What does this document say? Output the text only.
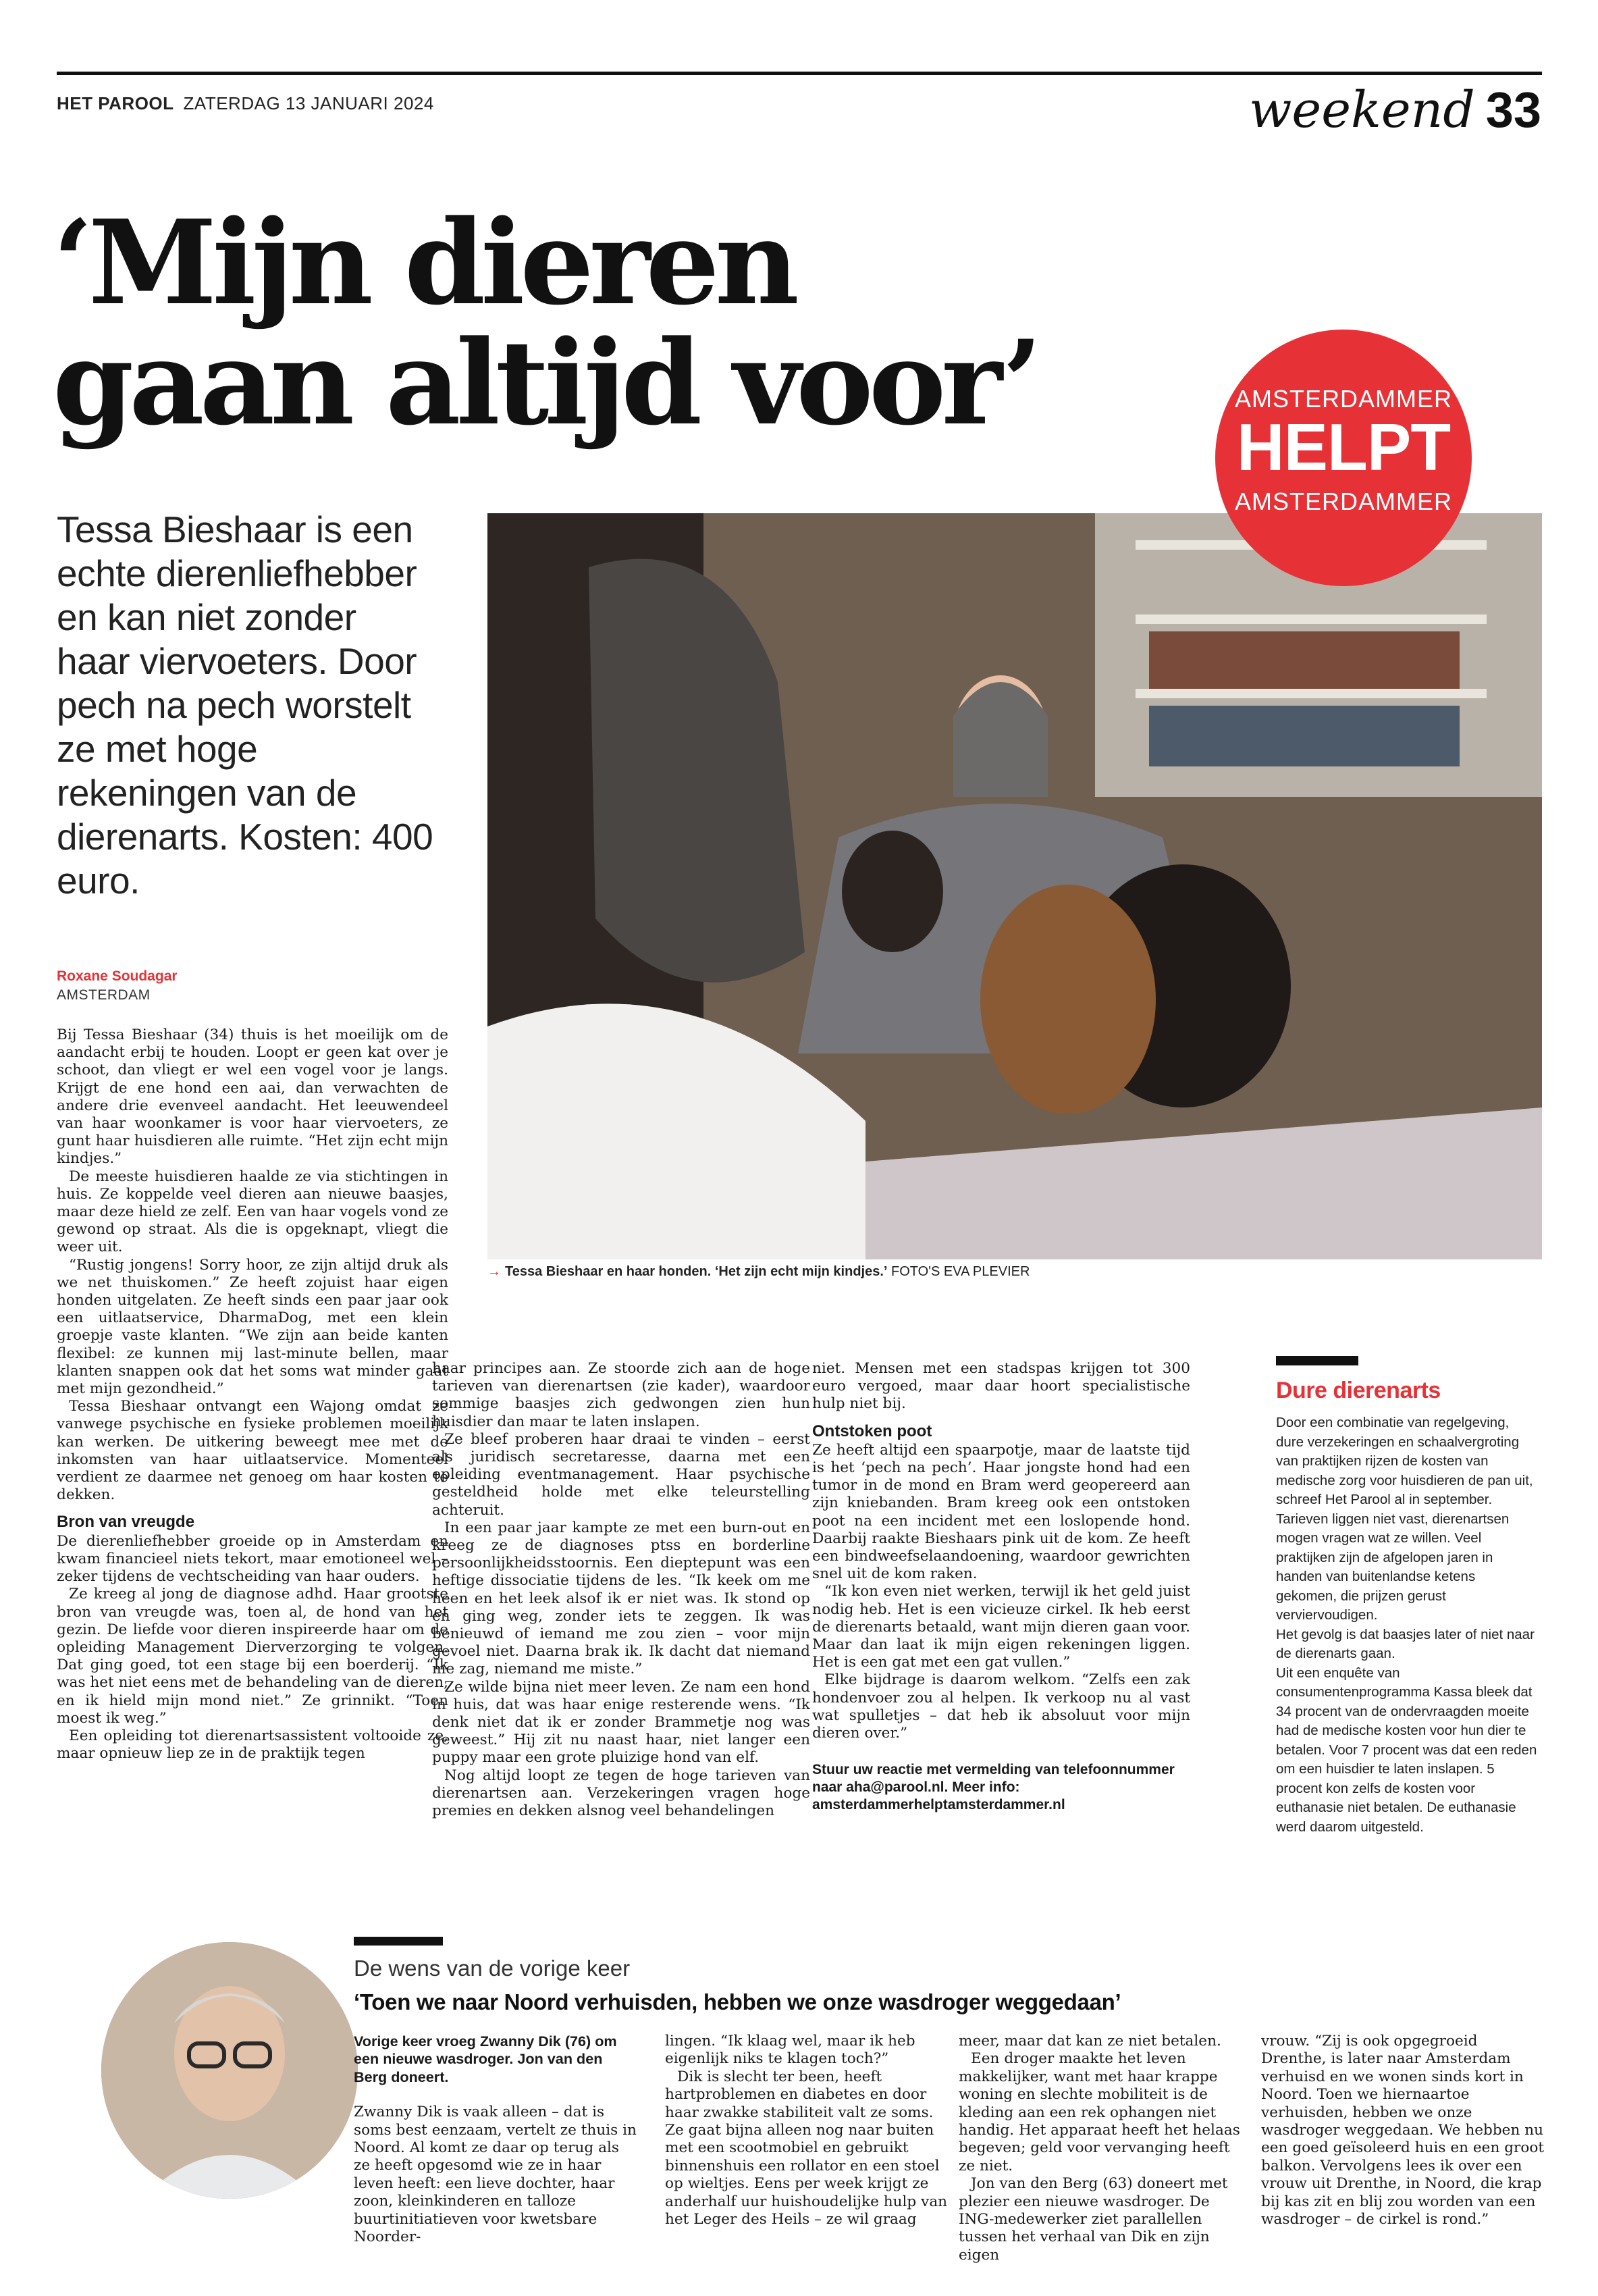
HET PAROOL ZATERDAG 13 JANUARI 2024	weekend 33
‘Mijn dieren
gaan altijd voor’

Tessa Bieshaar is een echte dierenliefhebber en kan niet zonder haar viervoeters. Door pech na pech worstelt ze met hoge rekeningen van de dierenarts. Kosten: 400 euro.

AMSTERDAMMER
HELPT
AMSTERDAMMER
→ Tessa Bieshaar en haar honden. ‘Het zijn echt mijn kindjes.’ FOTO'S EVA PLEVIER
Roxane Soudagar
AMSTERDAM

Bij Tessa Bieshaar (34) thuis is het moeilijk om de aandacht erbij te houden. Loopt er geen kat over je schoot, dan vliegt er wel een vogel voor je langs. Krijgt de ene hond een aai, dan verwachten de andere drie evenveel aandacht. Het leeuwendeel van haar woonkamer is voor haar viervoeters, ze gunt haar huisdieren alle ruimte. “Het zijn echt mijn kindjes.”

De meeste huisdieren haalde ze via stichtingen in huis. Ze koppelde veel dieren aan nieuwe baasjes, maar deze hield ze zelf. Een van haar vogels vond ze gewond op straat. Als die is opgeknapt, vliegt die weer uit.

“Rustig jongens! Sorry hoor, ze zijn altijd druk als we net thuiskomen.” Ze heeft zojuist haar eigen honden uitgelaten. Ze heeft sinds een paar jaar ook een uitlaatservice, DharmaDog, met een klein groepje vaste klanten. “We zijn aan beide kanten flexibel: ze kunnen mij last-minute bellen, maar klanten snappen ook dat het soms wat minder gaat met mijn gezondheid.”

Tessa Bieshaar ontvangt een Wajong omdat ze vanwege psychische en fysieke problemen moeilijk kan werken. De uitkering beweegt mee met de inkomsten van haar uitlaatservice. Momenteel verdient ze daarmee net genoeg om haar kosten te dekken.

Bron van vreugde

De dierenliefhebber groeide op in Amsterdam en kwam financieel niets tekort, maar emotioneel wel – zeker tijdens de vechtscheiding van haar ouders.

Ze kreeg al jong de diagnose adhd. Haar grootste bron van vreugde was, toen al, de hond van het gezin. De liefde voor dieren inspireerde haar om de opleiding Management Dierverzorging te volgen. Dat ging goed, tot een stage bij een boerderij. “Ik was het niet eens met de behandeling van de dieren, en ik hield mijn mond niet.” Ze grinnikt. “Toen moest ik weg.”

Een opleiding tot dierenartsassistent voltooide ze, maar opnieuw liep ze in de praktijk tegen

haar principes aan. Ze stoorde zich aan de hoge tarieven van dierenartsen (zie kader), waardoor sommige baasjes zich gedwongen zien hun huisdier dan maar te laten inslapen.

Ze bleef proberen haar draai te vinden – eerst als juridisch secretaresse, daarna met een opleiding eventmanagement. Haar psychische gesteldheid holde met elke teleurstelling achteruit.

In een paar jaar kampte ze met een burn-out en kreeg ze de diagnoses ptss en borderline persoonlijkheidsstoornis. Een dieptepunt was een heftige dissociatie tijdens de les. “Ik keek om me heen en het leek alsof ik er niet was. Ik stond op en ging weg, zonder iets te zeggen. Ik was benieuwd of iemand me zou zien – voor mijn gevoel niet. Daarna brak ik. Ik dacht dat niemand me zag, niemand me miste.”

Ze wilde bijna niet meer leven. Ze nam een hond in huis, dat was haar enige resterende wens. “Ik denk niet dat ik er zonder Brammetje nog was geweest.” Hij zit nu naast haar, niet langer een puppy maar een grote pluizige hond van elf.

Nog altijd loopt ze tegen de hoge tarieven van dierenartsen aan. Verzekeringen vragen hoge premies en dekken alsnog veel behandelingen

niet. Mensen met een stadspas krijgen tot 300 euro vergoed, maar daar hoort specialistische hulp niet bij.

Ontstoken poot

Ze heeft altijd een spaarpotje, maar de laatste tijd is het ‘pech na pech’. Haar jongste hond had een tumor in de mond en Bram werd geopereerd aan zijn kniebanden. Bram kreeg ook een ontstoken poot na een incident met een loslopende hond. Daarbij raakte Bieshaars pink uit de kom. Ze heeft een bindweefselaandoening, waardoor gewrichten snel uit de kom raken.

“Ik kon even niet werken, terwijl ik het geld juist nodig heb. Het is een vicieuze cirkel. Ik heb eerst de dierenarts betaald, want mijn dieren gaan voor. Maar dan laat ik mijn eigen rekeningen liggen. Het is een gat met een gat vullen.”

Elke bijdrage is daarom welkom. “Zelfs een zak hondenvoer zou al helpen. Ik verkoop nu al vast wat spulletjes – dat heb ik absoluut voor mijn dieren over.”

Stuur uw reactie met vermelding van telefoonnummer naar aha@parool.nl. Meer info: amsterdammerhelptamsterdammer.nl
Dure dierenarts

Door een combinatie van regelgeving, dure verzekeringen en schaalvergroting van praktijken rijzen de kosten van medische zorg voor huisdieren de pan uit, schreef Het Parool al in september. Tarieven liggen niet vast, dierenartsen mogen vragen wat ze willen. Veel praktijken zijn de afgelopen jaren in handen van buitenlandse ketens gekomen, die prijzen gerust verviervoudigen.

Het gevolg is dat baasjes later of niet naar de dierenarts gaan.

Uit een enquête van consumentenprogramma Kassa bleek dat 34 procent van de ondervraagden moeite had de medische kosten voor hun dier te betalen. Voor 7 procent was dat een reden om een huisdier te laten inslapen. 5 procent kon zelfs de kosten voor euthanasie niet betalen. De euthanasie werd daarom uitgesteld.

De wens van de vorige keer
‘Toen we naar Noord verhuisden, hebben we onze wasdroger weggedaan’

Vorige keer vroeg Zwanny Dik (76) om een nieuwe wasdroger. Jon van den Berg doneert.

Zwanny Dik is vaak alleen – dat is soms best eenzaam, vertelt ze thuis in Noord. Al komt ze daar op terug als ze heeft opgesomd wie ze in haar leven heeft: een lieve dochter, haar zoon, kleinkinderen en talloze buurtinitiatieven voor kwetsbare Noorder-

lingen. “Ik klaag wel, maar ik heb eigenlijk niks te klagen toch?”

Dik is slecht ter been, heeft hartproblemen en diabetes en door haar zwakke stabiliteit valt ze soms. Ze gaat bijna alleen nog naar buiten met een scootmobiel en gebruikt binnenshuis een rollator en een stoel op wieltjes. Eens per week krijgt ze anderhalf uur huishoudelijke hulp van het Leger des Heils – ze wil graag

meer, maar dat kan ze niet betalen.

Een droger maakte het leven makkelijker, want met haar krappe woning en slechte mobiliteit is de kleding aan een rek ophangen niet handig. Het apparaat heeft het helaas begeven; geld voor vervanging heeft ze niet.

Jon van den Berg (63) doneert met plezier een nieuwe wasdroger. De ING-medewerker ziet parallellen tussen het verhaal van Dik en zijn eigen

vrouw. “Zij is ook opgegroeid Drenthe, is later naar Amsterdam verhuisd en we wonen sinds kort in Noord. Toen we hiernaartoe verhuisden, hebben we onze wasdroger weggedaan. We hebben nu een goed geïsoleerd huis en een groot balkon. Vervolgens lees ik over een vrouw uit Drenthe, in Noord, die krap bij kas zit en blij zou worden van een wasdroger – de cirkel is rond.”
